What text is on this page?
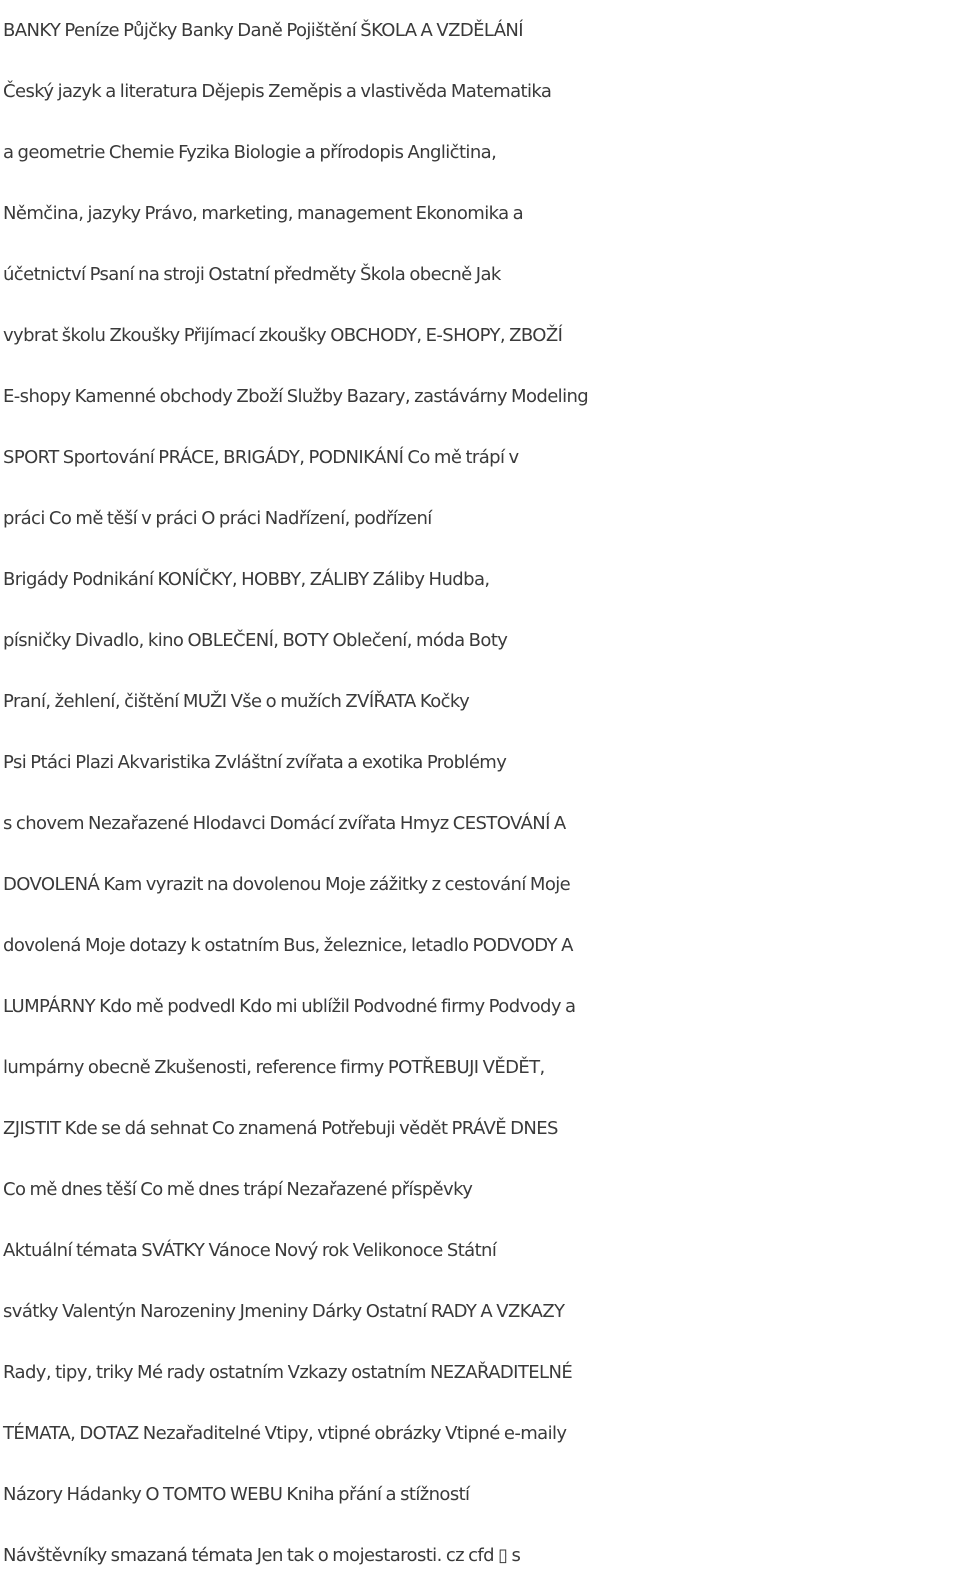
BANKY Peníze Půjčky Banky Daně Pojištění ŠKOLA A VZDĚLÁNÍ
Český jazyk a literatura Dějepis Zeměpis a vlastivěda Matematika
a geometrie Chemie Fyzika Biologie a přírodopis Angličtina,
Němčina, jazyky Právo, marketing, management Ekonomika a
účetnictví Psaní na stroji Ostatní předměty Škola obecně Jak
vybrat školu Zkoušky Přijímací zkoušky OBCHODY, E-SHOPY, ZBOŽÍ
E-shopy Kamenné obchody Zboží Služby Bazary, zastávárny Modeling
SPORT Sportování PRÁCE, BRIGÁDY, PODNIKÁNÍ Co mě trápí v
práci Co mě těší v práci O práci Nadřízení, podřízení
Brigády Podnikání KONÍČKY, HOBBY, ZÁLIBY Záliby Hudba,
písničky Divadlo, kino OBLEČENÍ, BOTY Oblečení, móda Boty
Praní, žehlení, čištění MUŽI Vše o mužích ZVÍŘATA Kočky
Psi Ptáci Plazi Akvaristika Zvláštní zvířata a exotika Problémy
s chovem Nezařazené Hlodavci Domácí zvířata Hmyz CESTOVÁNÍ A
DOVOLENÁ Kam vyrazit na dovolenou Moje zážitky z cestování Moje
dovolená Moje dotazy k ostatním Bus, železnice, letadlo PODVODY A
LUMPÁRNY Kdo mě podvedl Kdo mi ublížil Podvodné firmy Podvody a
lumpárny obecně Zkušenosti, reference firmy POTŘEBUJI VĚDĚT,
ZJISTIT Kde se dá sehnat Co znamená Potřebuji vědět PRÁVĚ DNES
Co mě dnes těší Co mě dnes trápí Nezařazené příspěvky
Aktuální témata SVÁTKY Vánoce Nový rok Velikonoce Státní
svátky Valentýn Narozeniny Jmeniny Dárky Ostatní RADY A VZKAZY
Rady, tipy, triky Mé rady ostatním Vzkazy ostatním NEZAŘADITELNÉ
TÉMATA, DOTAZ Nezařaditelné Vtipy, vtipné obrázky Vtipné e-maily
Názory Hádanky O TOMTO WEBU Kniha přání a stížností
Návštěvníky smazaná témata Jen tak o mojestarosti. cz cfd ▯ s
